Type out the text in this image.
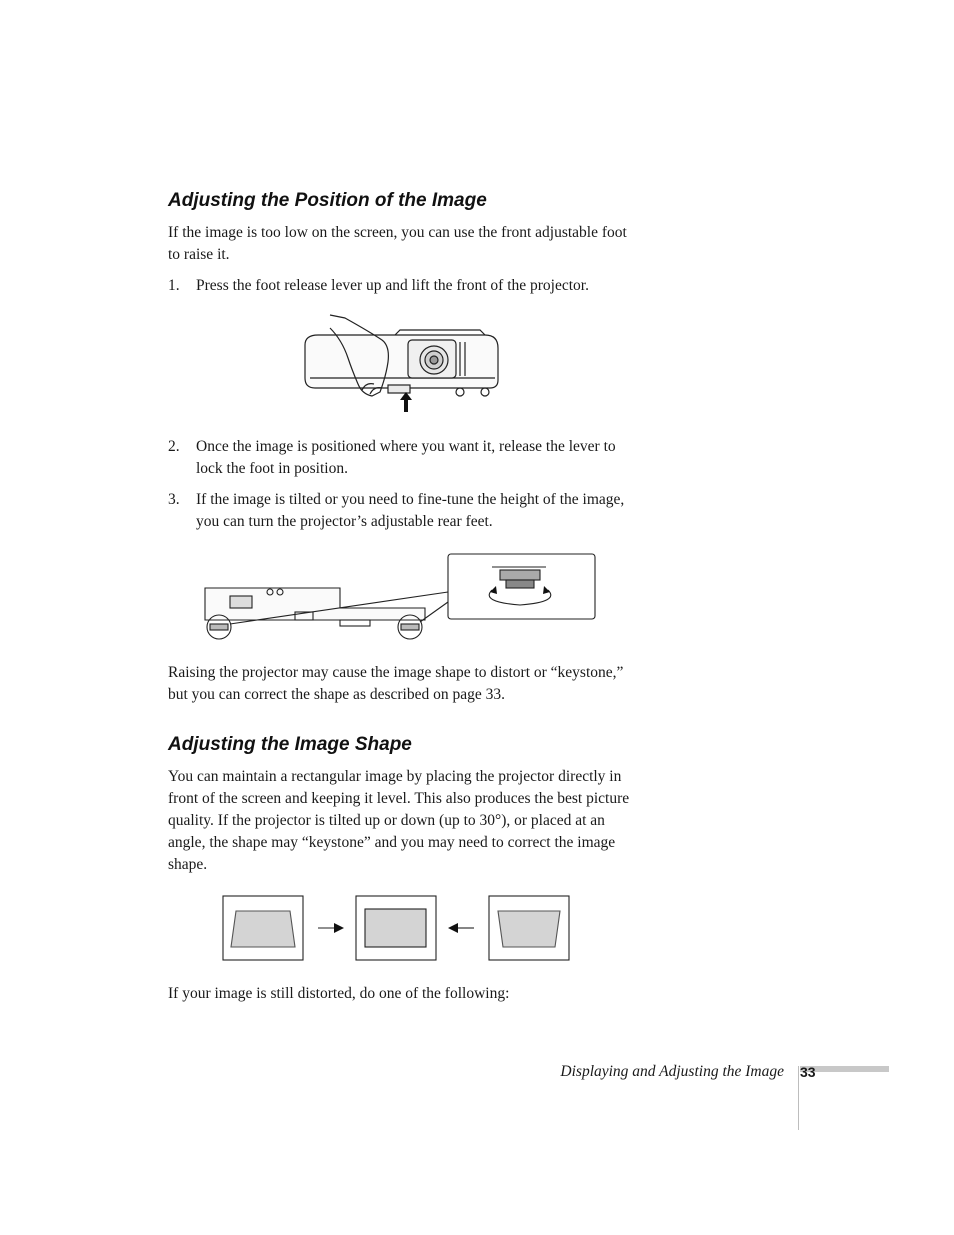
Adjusting the Position of the Image

If the image is too low on the screen, you can use the front adjustable foot to raise it.

1. Press the foot release lever up and lift the front of the projector.
2. Once the image is positioned where you want it, release the lever to lock the foot in position.
3. If the image is tilted or you need to fine-tune the height of the image, you can turn the projector’s adjustable rear feet.

Raising the projector may cause the image shape to distort or “keystone,” but you can correct the shape as described on page 33.

Adjusting the Image Shape

You can maintain a rectangular image by placing the projector directly in front of the screen and keeping it level. This also produces the best picture quality. If the projector is tilted up or down (up to 30°), or placed at an angle, the shape may “keystone” and you may need to correct the image shape.

If your image is still distorted, do one of the following:

Displaying and Adjusting the Image 33
